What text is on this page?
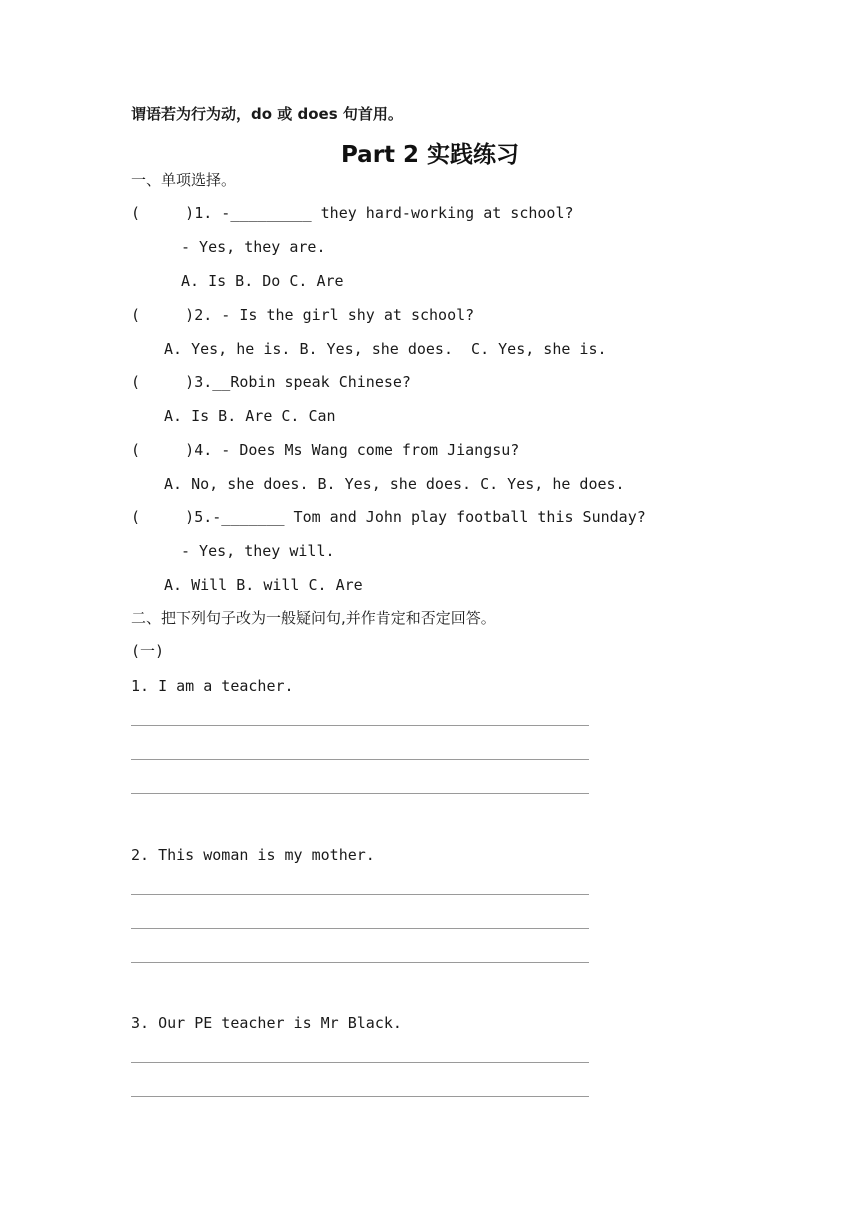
谓语若为行为动，do 或 does 句首用。
Part 2 实践练习
一、单项选择。
(     )1. -_________ they hard-working at school?
- Yes, they are.
A. Is B. Do C. Are
(     )2. - Is the girl shy at school?
A. Yes, he is. B. Yes, she does.  C. Yes, she is.
(     )3.__Robin speak Chinese?
A. Is B. Are C. Can
(     )4. - Does Ms Wang come from Jiangsu?
A. No, she does. B. Yes, she does. C. Yes, he does.
(     )5.-_______ Tom and John play football this Sunday?
- Yes, they will.
A. Will B. will C. Are
二、把下列句子改为一般疑问句,并作肯定和否定回答。
(一)
1. I am a teacher.
2. This woman is my mother.
3. Our PE teacher is Mr Black.
